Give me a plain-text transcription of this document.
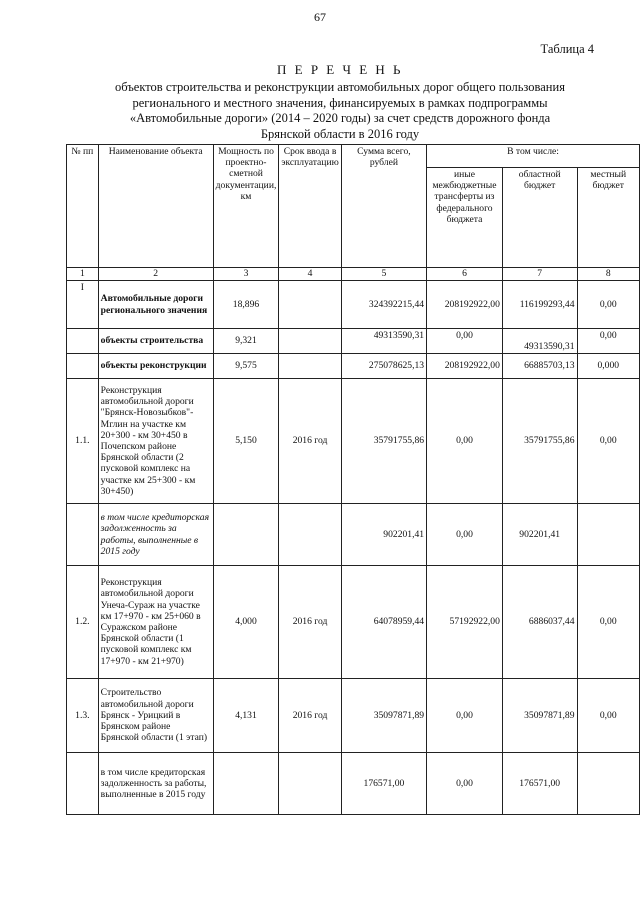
67
Таблица 4
П Е Р Е Ч Е Н Ь
объектов строительства и реконструкции автомобильных дорог общего пользования
регионального и местного значения, финансируемых в рамках подпрограммы
«Автомобильные дороги» (2014 – 2020 годы) за счет средств дорожного фонда
Брянской области в 2016 году
№ пп	Наименование объекта	Мощность по проектно-сметной документации, км	Срок ввода в эксплуатацию	Сумма всего, рублей	В том числе:		
					иные межбюджетные трансферты из федерального бюджета	областной бюджет	местный бюджет
1	2	3	4	5	6	7	8
I	Автомобильные дороги регионального значения	18,896		324392215,44	208192922,00	116199293,44	0,00
	объекты строительства	9,321		49313590,31	0,00	49313590,31	0,00
	объекты реконструкции	9,575		275078625,13	208192922,00	66885703,13	0,000
1.1.	Реконструкция автомобильной дороги "Брянск-Новозыбков"-Мглин на участке км 20+300 - км 30+450 в Почепском районе Брянской области (2 пусковой комплекс на участке км 25+300 - км 30+450)	5,150	2016 год	35791755,86	0,00	35791755,86	0,00
	в том числе кредиторская задолженность за работы, выполненные в 2015 году			902201,41	0,00	902201,41	
1.2.	Реконструкция автомобильной дороги Унеча-Сураж на участке км 17+970 - км 25+060 в Суражском районе Брянской области (1 пусковой комплекс км 17+970 - км 21+970)	4,000	2016 год	64078959,44	57192922,00	6886037,44	0,00
1.3.	Строительство автомобильной дороги Брянск - Урицкий в Брянском районе Брянской области (1 этап)	4,131	2016 год	35097871,89	0,00	35097871,89	0,00
	в том числе кредиторская задолженность за работы, выполненные в 2015 году			176571,00	0,00	176571,00	
